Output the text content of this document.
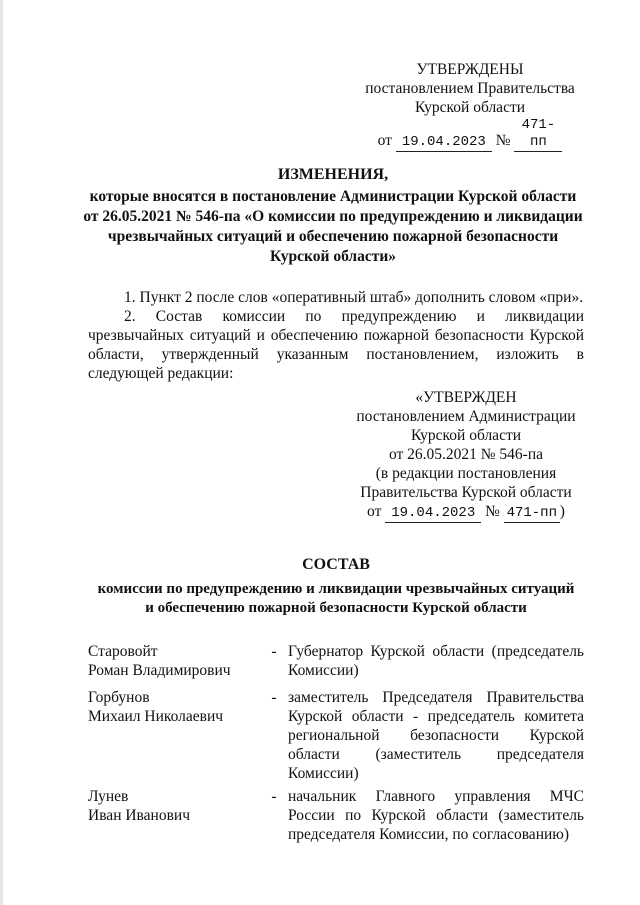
УТВЕРЖДЕНЫ
постановлением Правительства
Курской области
от 19.04.2023 № 471-пп
ИЗМЕНЕНИЯ,
которые вносятся в постановление Администрации Курской области
от 26.05.2021 № 546-па «О комиссии по предупреждению и ликвидации
чрезвычайных ситуаций и обеспечению пожарной безопасности
Курской области»

1. Пункт 2 после слов «оперативный штаб» дополнить словом «при».

2. Состав комиссии по предупреждению и ликвидации чрезвычайных ситуаций и обеспечению пожарной безопасности Курской области, утвержденный указанным постановлением, изложить в следующей редакции:

«УТВЕРЖДЕН
постановлением Администрации
Курской области
от 26.05.2021 № 546-па
(в редакции постановления
Правительства Курской области
от 19.04.2023 № 471-пп )
СОСТАВ
комиссии по предупреждению и ликвидации чрезвычайных ситуаций
и обеспечению пожарной безопасности Курской области
Старовойт
Роман Владимирович
- Губернатор Курской области (председатель Комиссии)
Горбунов
Михаил Николаевич
- заместитель Председателя Правительства Курской области - председатель комитета региональной безопасности Курской области (заместитель председателя Комиссии)
Лунев
Иван Иванович
- начальник Главного управления МЧС России по Курской области (заместитель председателя Комиссии, по согласованию)
